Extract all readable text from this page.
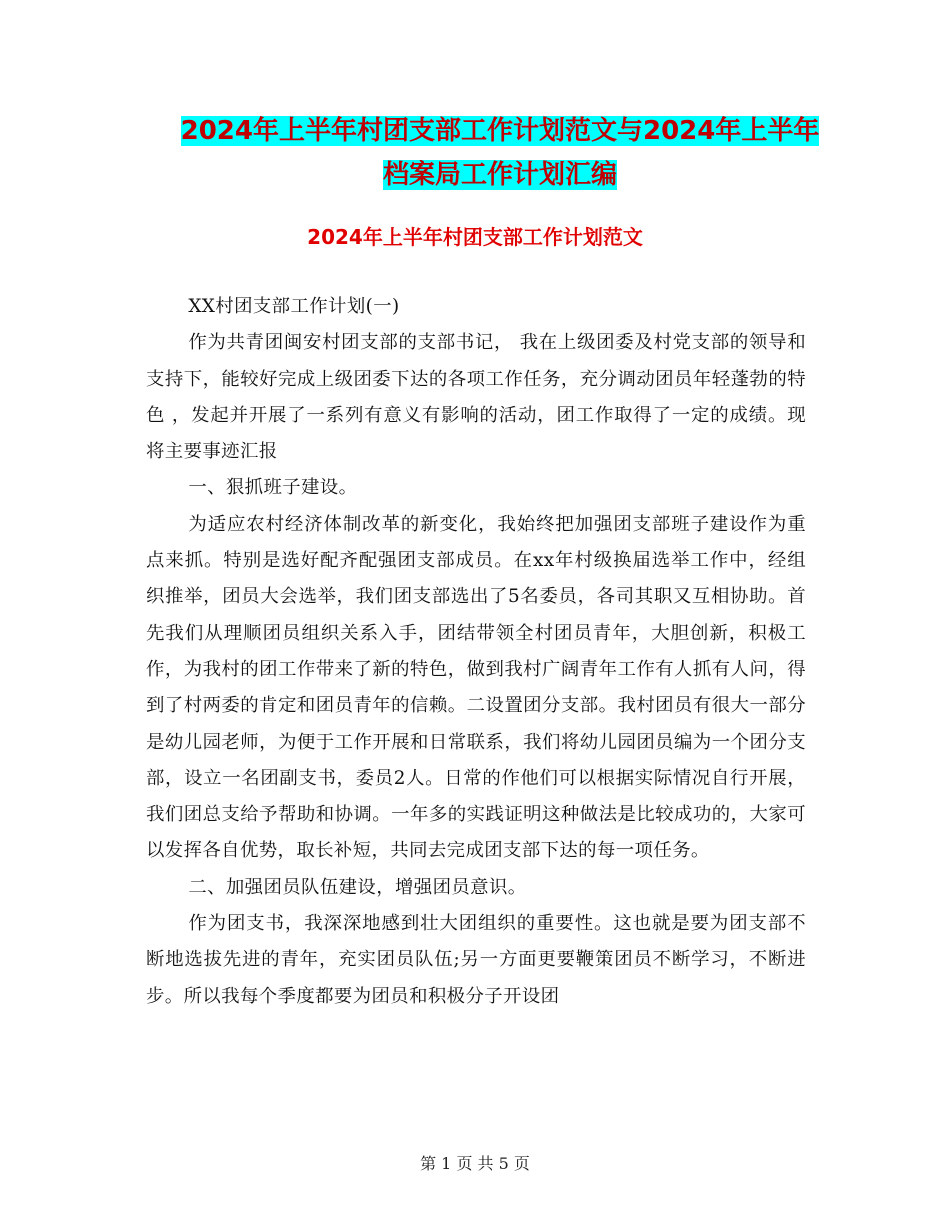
2024年上半年村团支部工作计划范文与2024年上半年
档案局工作计划汇编
2024年上半年村团支部工作计划范文

XX村团支部工作计划(一)

作为共青团闽安村团支部的支部书记， 我在上级团委及村党支部的领导和支持下，能较好完成上级团委下达的各项工作任务，充分调动团员年轻蓬勃的特色 ，发起并开展了一系列有意义有影响的活动，团工作取得了一定的成绩。现将主要事迹汇报

一、狠抓班子建设。

为适应农村经济体制改革的新变化，我始终把加强团支部班子建设作为重点来抓。特别是选好配齐配强团支部成员。在xx年村级换届选举工作中，经组织推举，团员大会选举，我们团支部选出了5名委员，各司其职又互相协助。首先我们从理顺团员组织关系入手，团结带领全村团员青年，大胆创新，积极工作，为我村的团工作带来了新的特色，做到我村广阔青年工作有人抓有人问，得到了村两委的肯定和团员青年的信赖。二设置团分支部。我村团员有很大一部分是幼儿园老师，为便于工作开展和日常联系，我们将幼儿园团员编为一个团分支部，设立一名团副支书，委员2人。日常的作他们可以根据实际情况自行开展，我们团总支给予帮助和协调。一年多的实践证明这种做法是比较成功的，大家可以发挥各自优势，取长补短，共同去完成团支部下达的每一项任务。

二、加强团员队伍建设，增强团员意识。

作为团支书，我深深地感到壮大团组织的重要性。这也就是要为团支部不断地选拔先进的青年，充实团员队伍;另一方面更要鞭策团员不断学习，不断进步。所以我每个季度都要为团员和积极分子开设团

第 1 页 共 5 页
